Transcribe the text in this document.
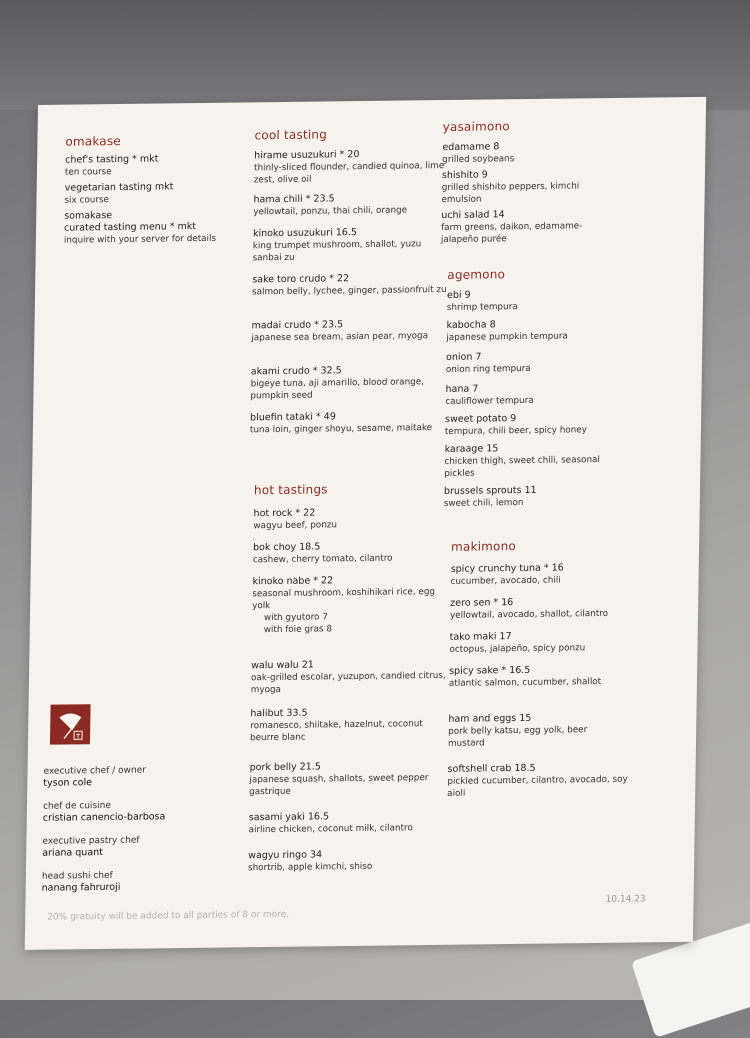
omakase
chef's tasting * mkt
ten course
vegetarian tasting mkt
six course
somakase
curated tasting menu * mkt
inquire with your server for details
executive chef / owner
tyson cole
chef de cuisine
cristian canencio-barbosa
executive pastry chef
ariana quant
head sushi chef
nanang fahruroji
cool tasting
hirame usuzukuri * 20
thinly-sliced flounder, candied quinoa, lime zest, olive oil
hama chili * 23.5
yellowtail, ponzu, thai chili, orange
kinoko usuzukuri 16.5
king trumpet mushroom, shallot, yuzu sanbai zu
sake toro crudo * 22
salmon belly, lychee, ginger, passionfruit zu
madai crudo * 23.5
japanese sea bream, asian pear, myoga
akami crudo * 32.5
bigeye tuna, aji amarillo, blood orange, pumpkin seed
bluefin tataki * 49
tuna loin, ginger shoyu, sesame, maitake
hot tastings
hot rock * 22
wagyu beef, ponzu
bok choy 18.5
cashew, cherry tomato, cilantro
kinoko nabe * 22
seasonal mushroom, koshihikari rice, egg yolk
with gyutoro 7
with foie gras 8
walu walu 21
oak-grilled escolar, yuzupon, candied citrus, myoga
halibut 33.5
romanesco, shiitake, hazelnut, coconut beurre blanc
pork belly 21.5
japanese squash, shallots, sweet pepper gastrique
sasami yaki 16.5
airline chicken, coconut milk, cilantro
wagyu ringo 34
shortrib, apple kimchi, shiso
yasaimono
edamame 8
grilled soybeans
shishito 9
grilled shishito peppers, kimchi emulsion
uchi salad 14
farm greens, daikon, edamame-jalapeño purée
agemono
ebi 9
shrimp tempura
kabocha 8
japanese pumpkin tempura
onion 7
onion ring tempura
hana 7
cauliflower tempura
sweet potato 9
tempura, chili beer, spicy honey
karaage 15
chicken thigh, sweet chili, seasonal pickles
brussels sprouts 11
sweet chili, lemon
makimono
spicy crunchy tuna * 16
cucumber, avocado, chili
zero sen * 16
yellowtail, avocado, shallot, cilantro
tako maki 17
octopus, jalapeño, spicy ponzu
spicy sake * 16.5
atlantic salmon, cucumber, shallot
ham and eggs 15
pork belly katsu, egg yolk, beer mustard
softshell crab 18.5
pickled cucumber, cilantro, avocado, soy aioli
10.14.23
20% gratuity will be added to all parties of 8 or more.
